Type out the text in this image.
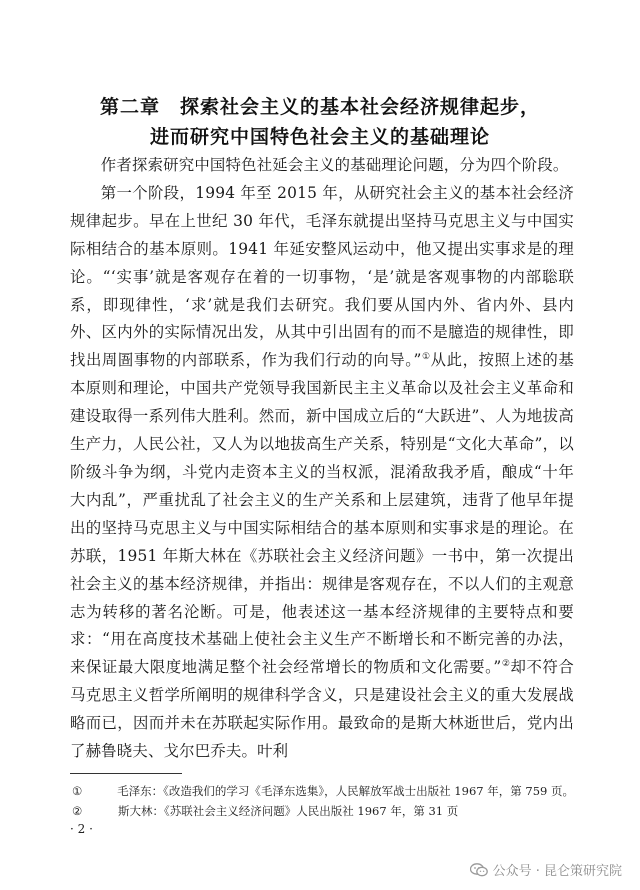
第二章　探索社会主义的基本社会经济规律起步，
进而研究中国特色社会主义的基础理论

作者探索研究中国特色社延会主义的基础理论问题，分为四个阶段。

第一个阶段，1994 年至 2015 年，从研究社会主义的基本社会经济规律起步。早在上世纪 30 年代，毛泽东就提出坚持马克思主义与中国实际相结合的基本原则。1941 年延安整风运动中，他又提出实事求是的理论。“‘实事’就是客观存在着的一切事物，‘是’就是客观事物的内部聡联系，即现律性，‘求’就是我们去研究。我们要从国内外、省内外、县内外、区内外的实际情况出发，从其中引出固有的而不是臆造的规律性，即找出周圄事物的内部联系，作为我们行动的向导。”①从此，按照上述的基本原则和理论，中国共产党领导我国新民主主义革命以及社会主义革命和建设取得一系列伟大胜利。然而，新中国成立后的“大跃进”、人为地拔高生产力，人民公社，又人为以地拔高生产关系，特别是“文化大革命”，以阶级斗争为纲，斗党内走资本主义的当权派，混淆敌我矛盾，酿成“十年大内乱”，严重扰乱了社会主义的生产关系和上层建筑，违背了他早年提出的坚持马克思主义与中国实际相结合的基本原则和实事求是的理论。在苏联，1951 年斯大林在《苏联社会主义经济问题》一书中，第一次提出社会主义的基本经济规律，并指出：规律是客观存在，不以人们的主观意志为转移的著名沦断。可是，他表述这一基本经济规律的主要特点和要求：“用在高度技术基础上使社会主义生产不断增长和不断完善的办法，来保证最大限度地满足整个社会经常增长的物质和文化需要。”②却不符合马克思主义哲学所阐明的规律科学含义，只是建设社会主义的重大发展战略而已，因而并未在苏联起实际作用。最致命的是斯大林逝世后，党内出了赫鲁晓夫、戈尔巴乔夫。叶利

①	毛泽东：《改造我们的学习《毛泽东选集》，人民解放军战士出版社 1967 年，第 759 页。
②	斯大林：《苏联社会主义经济问题》人民出版社 1967 年，第 31 页
· 2 ·
公众号 · 昆仑策研究院
